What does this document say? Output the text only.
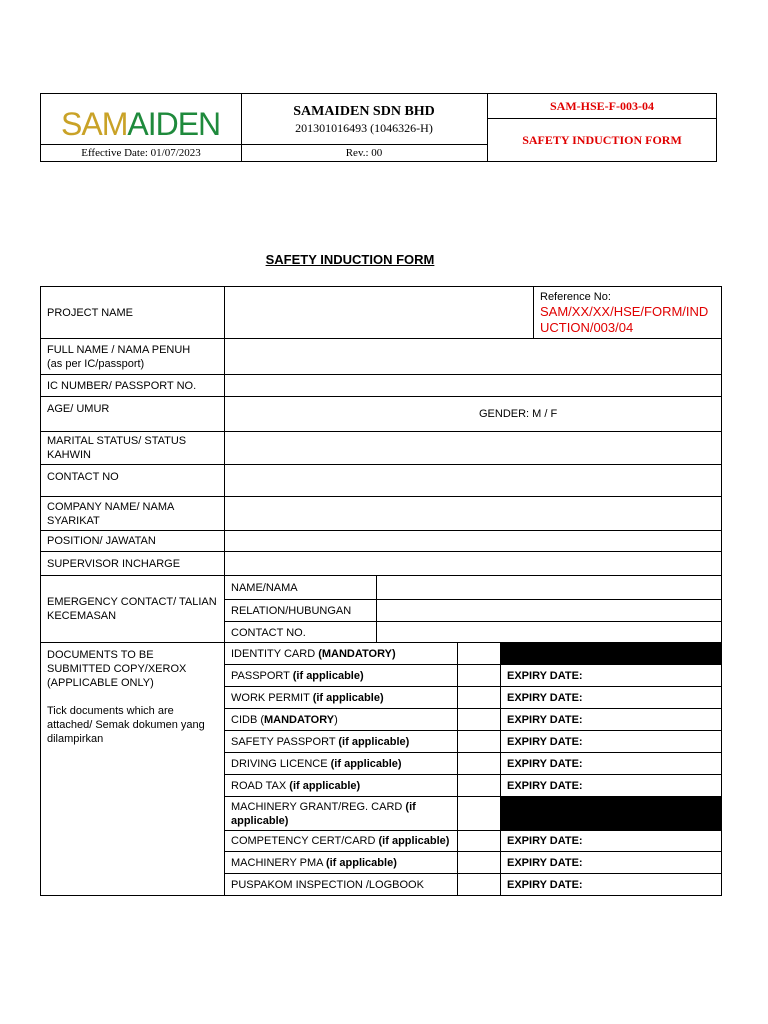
SAMAIDEN	SAMAIDEN SDN BHD
201301016493 (1046326-H)
SAM-HSE-F-003-04
SAFETY INDUCTION FORM
Effective Date: 01/07/2023	Rev.: 00
SAFETY INDUCTION FORM
PROJECT NAME					Reference No:
SAM/XX/XX/HSE/FORM/INDUCTION/003/04

FULL NAME / NAMA PENUH
(as per IC/passport)					

IC NUMBER/ PASSPORT NO.					
AGE/ UMUR	GENDER: M / F				
MARITAL STATUS/ STATUS KAHWIN					
CONTACT NO					
COMPANY NAME/ NAMA SYARIKAT					
POSITION/ JAWATAN					
SUPERVISOR INCHARGE					
EMERGENCY CONTACT/ TALIAN KECEMASAN	NAME/NAMA				
	RELATION/HUBUNGAN				
	CONTACT NO.				

DOCUMENTS TO BE SUBMITTED COPY/XEROX
(APPLICABLE ONLY)
Tick documents which are attached/ Semak dokumen yang dilampirkan	IDENTITY CARD (MANDATORY)				
	PASSPORT (if applicable)			EXPIRY DATE:	
	WORK PERMIT (if applicable)			EXPIRY DATE:	
	CIDB (MANDATORY)			EXPIRY DATE:	
	SAFETY PASSPORT (if applicable)			EXPIRY DATE:	
	DRIVING LICENCE (if applicable)			EXPIRY DATE:	
	ROAD TAX (if applicable)			EXPIRY DATE:	
	MACHINERY GRANT/REG. CARD (if applicable)				
	COMPETENCY CERT/CARD (if applicable)			EXPIRY DATE:	
	MACHINERY PMA (if applicable)			EXPIRY DATE:	
	PUSPAKOM INSPECTION /LOGBOOK			EXPIRY DATE:	
